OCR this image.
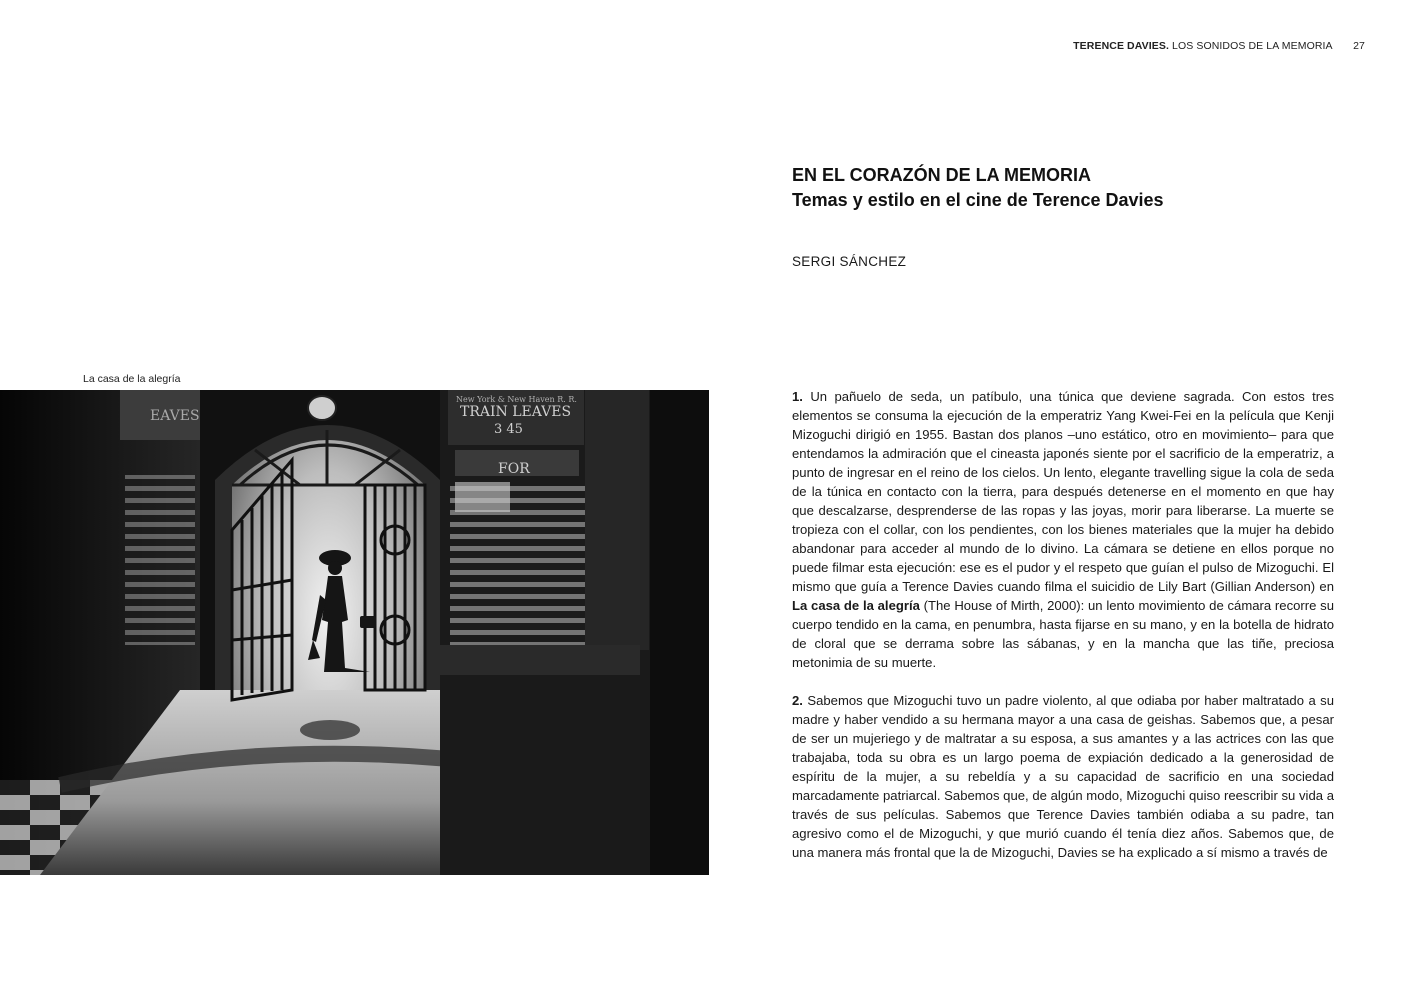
TERENCE DAVIES. LOS SONIDOS DE LA MEMORIA 27
La casa de la alegría
EAVES
New York & New Haven R. R.
TRAIN LEAVES
3 45
FOR
EN EL CORAZÓN DE LA MEMORIA
Temas y estilo en el cine de Terence Davies
SERGI SÁNCHEZ

1. Un pañuelo de seda, un patíbulo, una túnica que deviene sagrada. Con estos tres elementos se consuma la ejecución de la emperatriz Yang Kwei-Fei en la película que Kenji Mizoguchi dirigió en 1955. Bastan dos planos –uno estático, otro en movimiento– para que entendamos la admiración que el cineasta japonés siente por el sacrificio de la emperatriz, a punto de ingresar en el reino de los cielos. Un lento, elegante travelling sigue la cola de seda de la túnica en contacto con la tierra, para después detenerse en el momento en que hay que descalzarse, desprenderse de las ropas y las joyas, morir para liberarse. La muerte se tropieza con el collar, con los pendientes, con los bienes materiales que la mujer ha debido abandonar para acceder al mundo de lo divino. La cámara se detiene en ellos porque no puede filmar esta ejecución: ese es el pudor y el respeto que guían el pulso de Mizoguchi. El mismo que guía a Terence Davies cuando filma el suicidio de Lily Bart (Gillian Anderson) en La casa de la alegría (The House of Mirth, 2000): un lento movimiento de cámara recorre su cuerpo tendido en la cama, en penumbra, hasta fijarse en su mano, y en la botella de hidrato de cloral que se derrama sobre las sábanas, y en la mancha que las tiñe, preciosa metonimia de su muerte.

2. Sabemos que Mizoguchi tuvo un padre violento, al que odiaba por haber maltratado a su madre y haber vendido a su hermana mayor a una casa de geishas. Sabemos que, a pesar de ser un mujeriego y de maltratar a su esposa, a sus amantes y a las actrices con las que trabajaba, toda su obra es un largo poema de expiación dedicado a la generosidad de espíritu de la mujer, a su rebeldía y a su capacidad de sacrificio en una sociedad marcadamente patriarcal. Sabemos que, de algún modo, Mizoguchi quiso reescribir su vida a través de sus películas. Sabemos que Terence Davies también odiaba a su padre, tan agresivo como el de Mizoguchi, y que murió cuando él tenía diez años. Sabemos que, de una manera más frontal que la de Mizoguchi, Davies se ha explicado a sí mismo a través de
